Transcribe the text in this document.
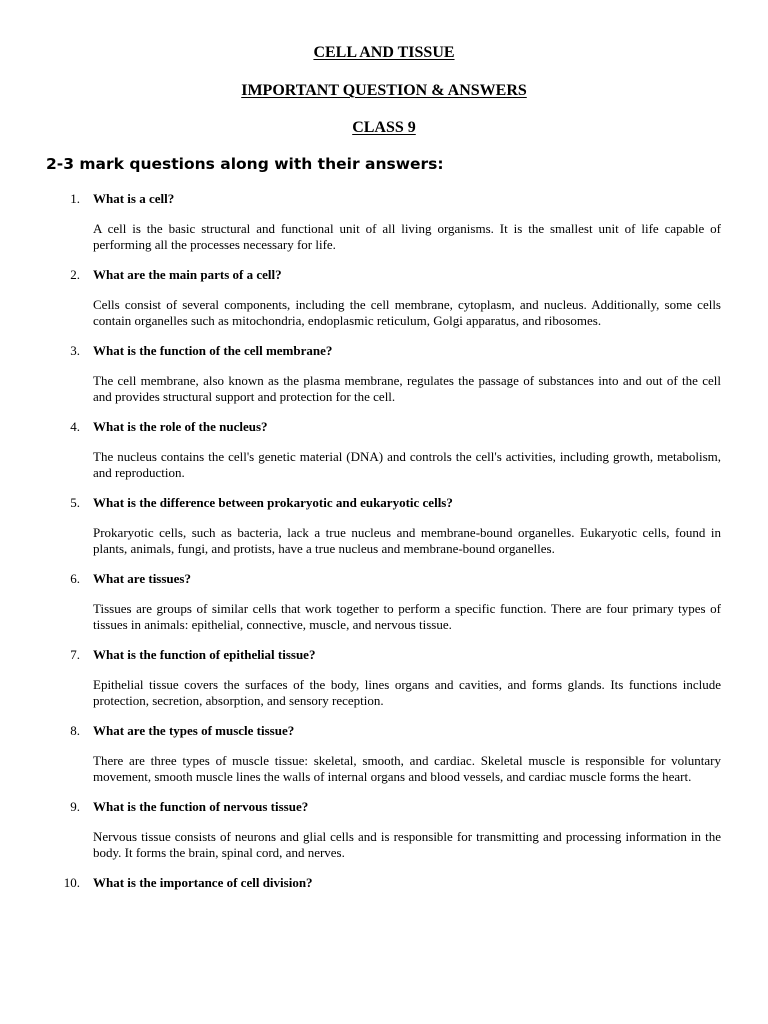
CELL AND TISSUE
IMPORTANT QUESTION & ANSWERS
CLASS 9
2-3 mark questions along with their answers:
1. What is a cell?
A cell is the basic structural and functional unit of all living organisms. It is the smallest unit of life capable of performing all the processes necessary for life.
2. What are the main parts of a cell?
Cells consist of several components, including the cell membrane, cytoplasm, and nucleus. Additionally, some cells contain organelles such as mitochondria, endoplasmic reticulum, Golgi apparatus, and ribosomes.
3. What is the function of the cell membrane?
The cell membrane, also known as the plasma membrane, regulates the passage of substances into and out of the cell and provides structural support and protection for the cell.
4. What is the role of the nucleus?
The nucleus contains the cell's genetic material (DNA) and controls the cell's activities, including growth, metabolism, and reproduction.
5. What is the difference between prokaryotic and eukaryotic cells?
Prokaryotic cells, such as bacteria, lack a true nucleus and membrane-bound organelles. Eukaryotic cells, found in plants, animals, fungi, and protists, have a true nucleus and membrane-bound organelles.
6. What are tissues?
Tissues are groups of similar cells that work together to perform a specific function. There are four primary types of tissues in animals: epithelial, connective, muscle, and nervous tissue.
7. What is the function of epithelial tissue?
Epithelial tissue covers the surfaces of the body, lines organs and cavities, and forms glands. Its functions include protection, secretion, absorption, and sensory reception.
8. What are the types of muscle tissue?
There are three types of muscle tissue: skeletal, smooth, and cardiac. Skeletal muscle is responsible for voluntary movement, smooth muscle lines the walls of internal organs and blood vessels, and cardiac muscle forms the heart.
9. What is the function of nervous tissue?
Nervous tissue consists of neurons and glial cells and is responsible for transmitting and processing information in the body. It forms the brain, spinal cord, and nerves.
10. What is the importance of cell division?
